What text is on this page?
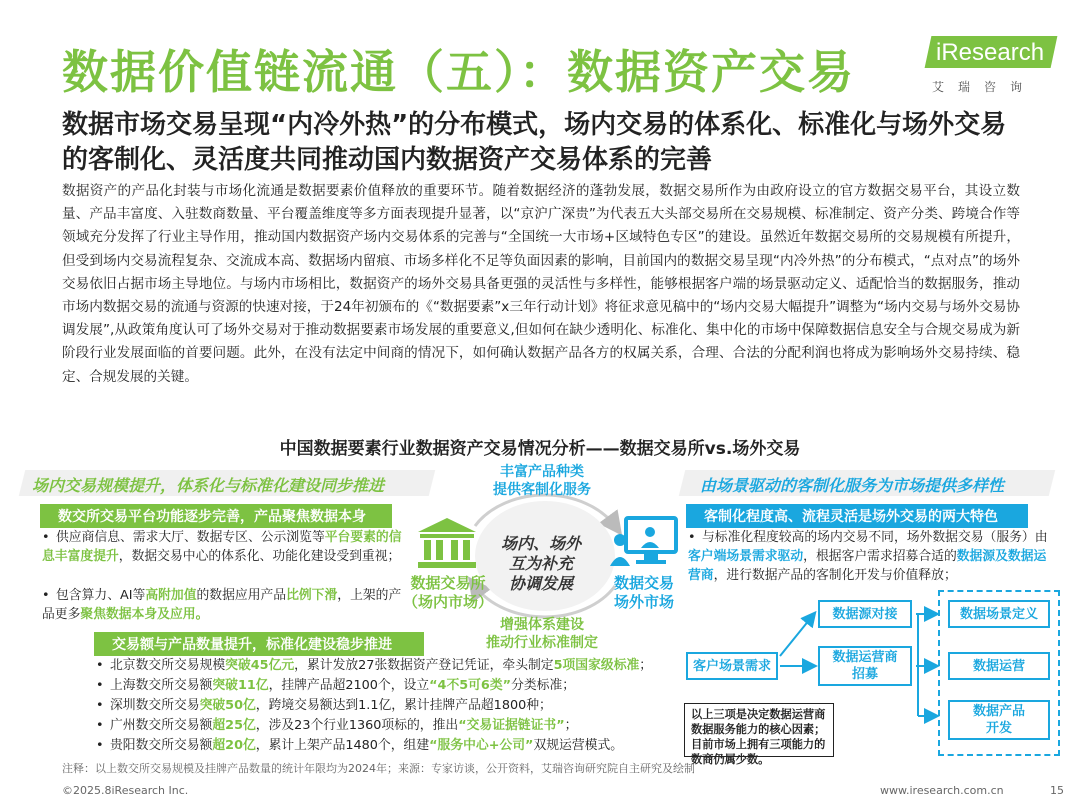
数据价值链流通（五）：数据资产交易	iResearch
艾瑞咨询
数据市场交易呈现“内冷外热”的分布模式，场内交易的体系化、标准化与场外交易的客制化、灵活度共同推动国内数据资产交易体系的完善
数据资产的产品化封装与市场化流通是数据要素价值释放的重要环节。随着数据经济的蓬勃发展，数据交易所作为由政府设立的官方数据交易平台，其设立数量、产品丰富度、入驻数商数量、平台覆盖维度等多方面表现提升显著，以“京沪广深贵”为代表五大头部交易所在交易规模、标准制定、资产分类、跨境合作等领域充分发挥了行业主导作用，推动国内数据资产场内交易体系的完善与“全国统一大市场+区域特色专区”的建设。虽然近年数据交易所的交易规模有所提升，但受到场内交易流程复杂、交流成本高、数据场内留痕、市场多样化不足等负面因素的影响，目前国内的数据交易呈现“内冷外热”的分布模式，“点对点”的场外交易依旧占据市场主导地位。与场内市场相比，数据资产的场外交易具备更强的灵活性与多样性，能够根据客户端的场景驱动定义、适配恰当的数据服务，推动市场内数据交易的流通与资源的快速对接，于24年初颁布的《“数据要素”x三年行动计划》将征求意见稿中的“场内交易大幅提升”调整为“场内交易与场外交易协调发展”,从政策角度认可了场外交易对于推动数据要素市场发展的重要意义,但如何在缺少透明化、标准化、集中化的市场中保障数据信息安全与合规交易成为新阶段行业发展面临的首要问题。此外，在没有法定中间商的情况下，如何确认数据产品各方的权属关系，合理、合法的分配利润也将成为影响场外交易持续、稳定、合规发展的关键。
中国数据要素行业数据资产交易情况分析——数据交易所vs.场外交易
场内交易规模提升，体系化与标准化建设同步推进
数交所交易平台功能逐步完善，产品聚焦数据本身
• 供应商信息、需求大厅、数据专区、公示浏览等平台要素的信息丰富度提升，数据交易中心的体系化、功能化建设受到重视；
• 包含算力、AI等高附加值的数据应用产品比例下滑，上架的产品更多聚焦数据本身及应用。
交易额与产品数量提升，标准化建设稳步推进
• 北京数交所交易规模突破45亿元，累计发放27张数据资产登记凭证，牵头制定5项国家级标准；
• 上海数交所交易额突破11亿，挂牌产品超2100个，设立“4不5可6类”分类标准；
• 深圳数交所交易突破50亿，跨境交易额达到1.1亿，累计挂牌产品超1800种；
• 广州数交所交易额超25亿，涉及23个行业1360项标的，推出“交易证据链证书”；
• 贵阳数交所交易额超20亿，累计上架产品1480个，组建“服务中心+公司”双规运营模式。
丰富产品种类
提供客制化服务
场内、场外
互为补充
协调发展
增强体系建设
推动行业标准制定
数据交易所
（场内市场）
数据交易
场外市场
由场景驱动的客制化服务为市场提供多样性
客制化程度高、流程灵活是场外交易的两大特色
• 与标准化程度较高的场内交易不同，场外数据交易（服务）由客户端场景需求驱动，根据客户需求招募合适的数据源及数据运营商，进行数据产品的客制化开发与价值释放；
客户场景需求
数据源对接
数据运营商
招募
数据场景定义
数据运营
数据产品
开发
以上三项是决定数据运营商数据服务能力的核心因素；目前市场上拥有三项能力的数商仍属少数。
注释：以上数交所交易规模及挂牌产品数量的统计年限均为2024年；来源：专家访谈，公开资料，艾瑞咨询研究院自主研究及绘制
©2025.8iResearch Inc.	www.iresearch.com.cn	15
